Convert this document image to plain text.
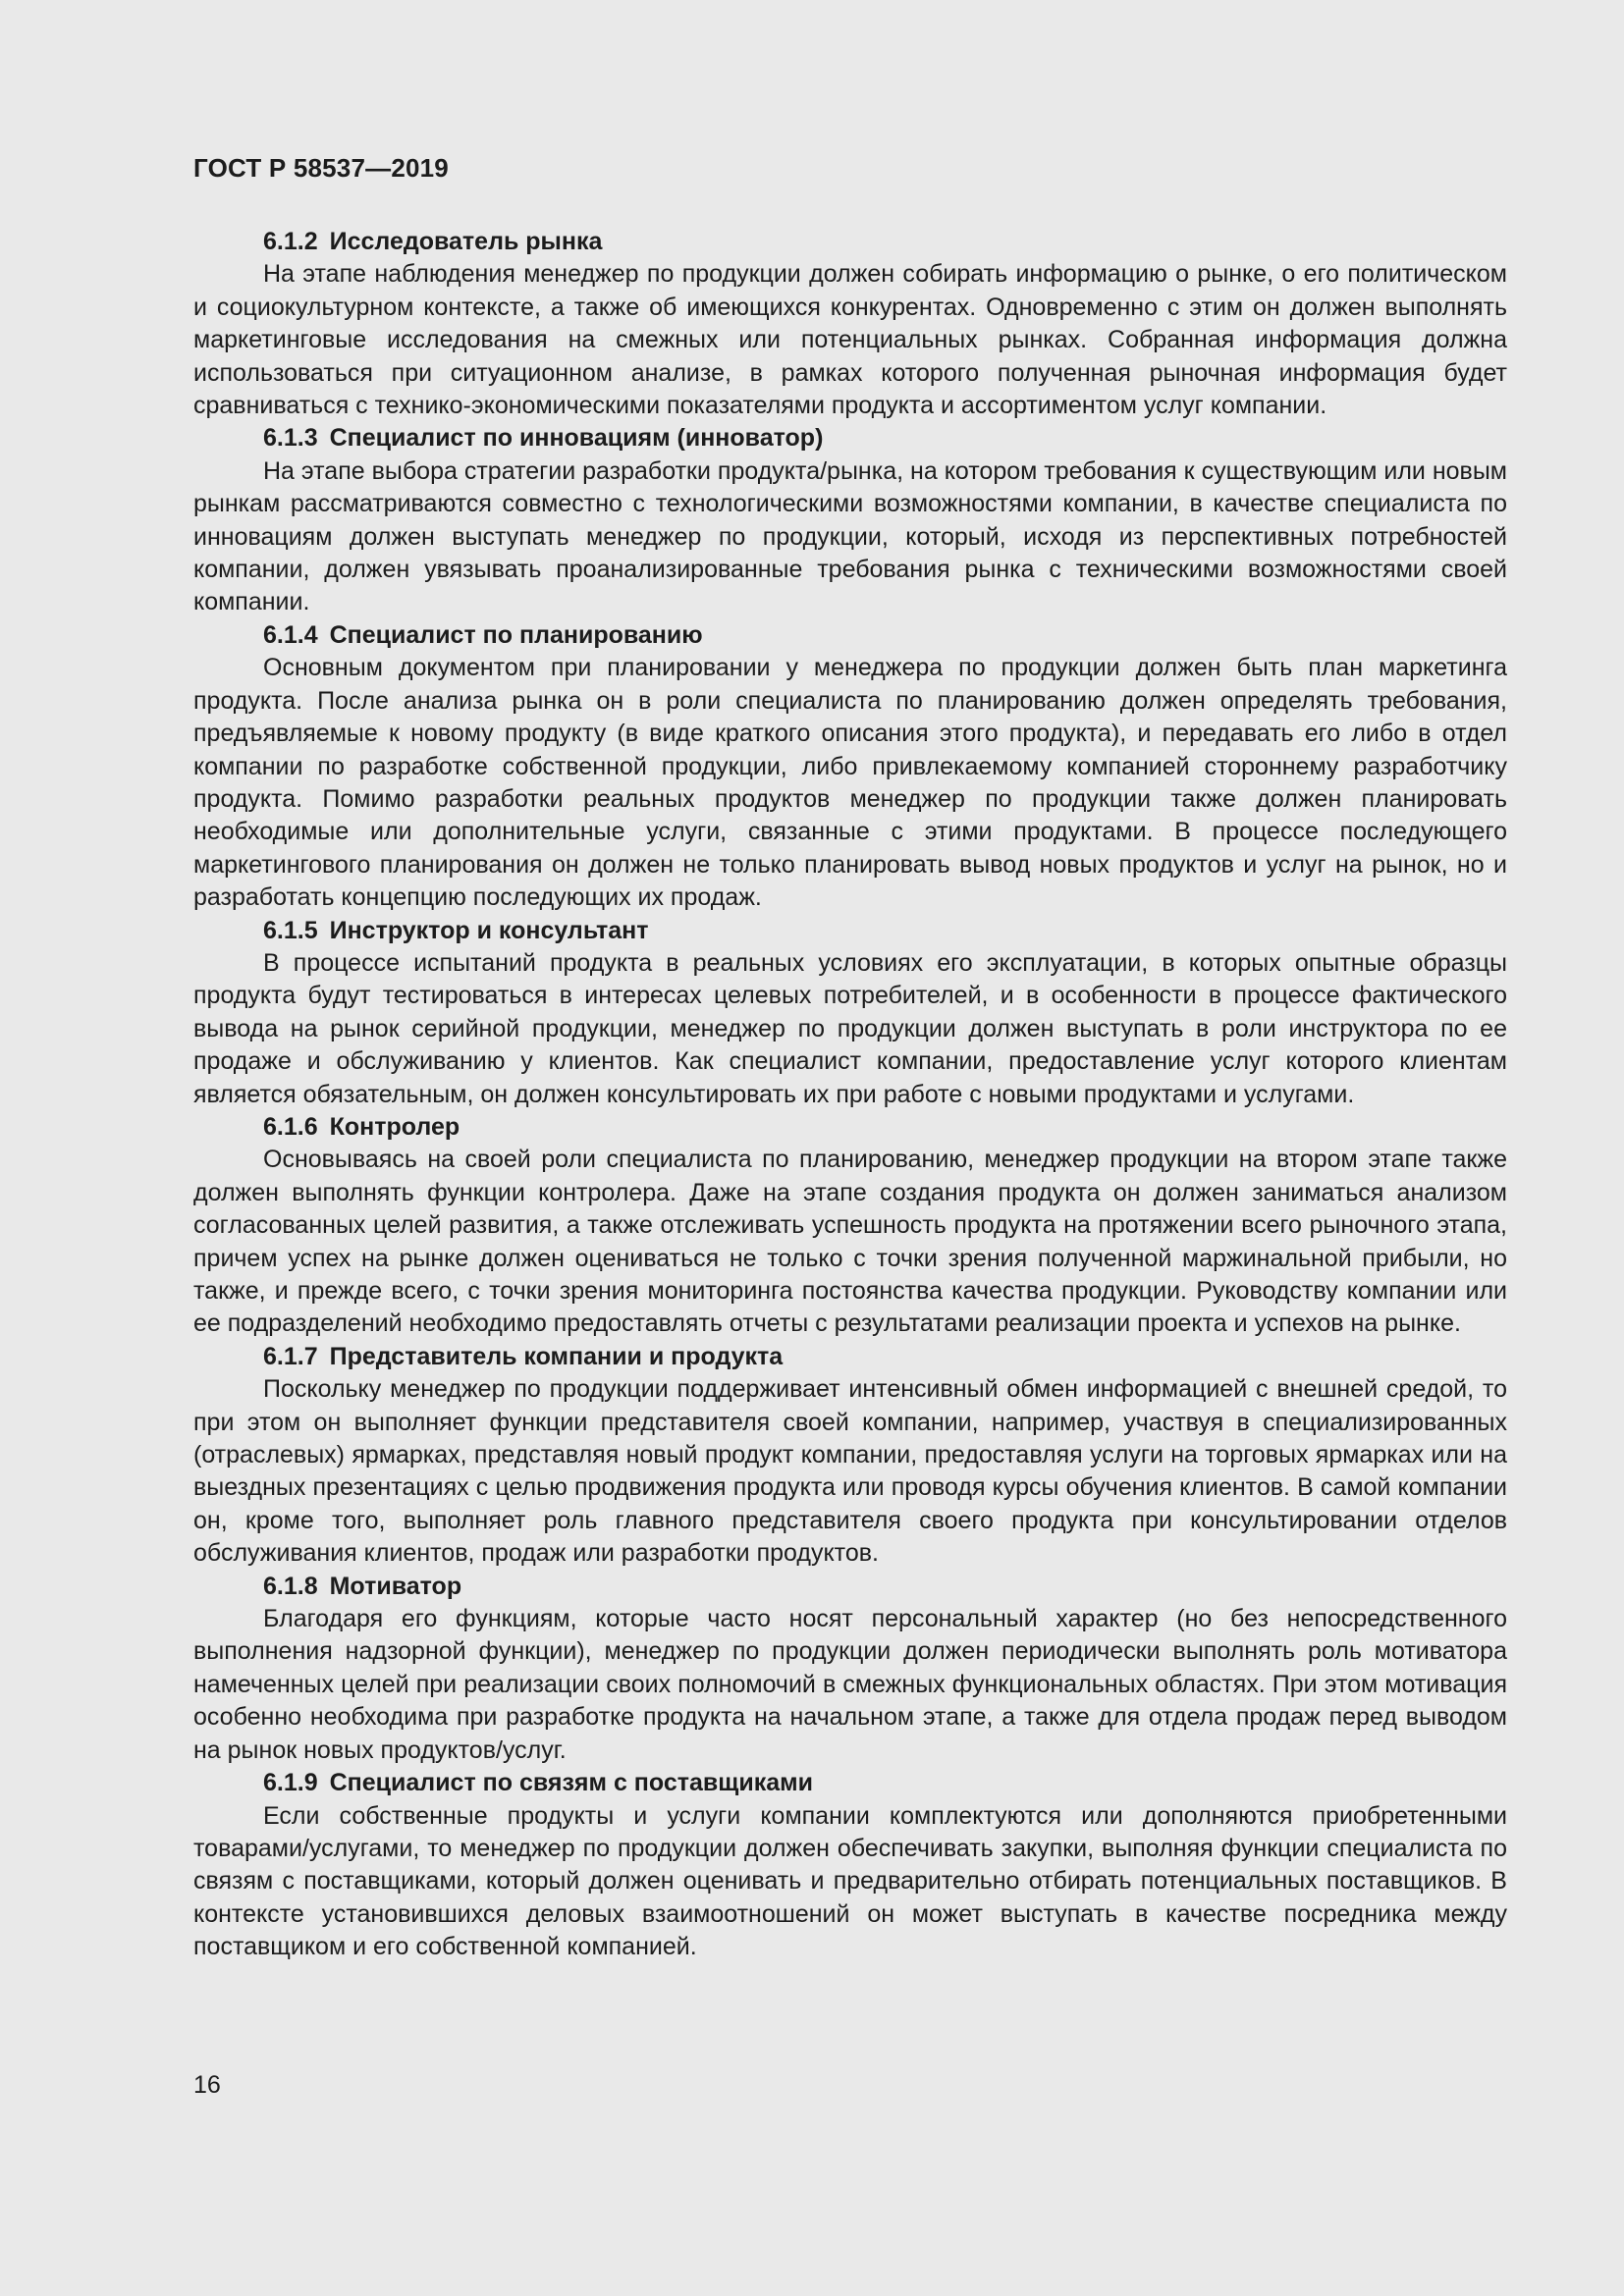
ГОСТ Р 58537—2019

6.1.2 Исследователь рынка

На этапе наблюдения менеджер по продукции должен собирать информацию о рынке, о его политическом и социокультурном контексте, а также об имеющихся конкурентах. Одновременно с этим он должен выполнять маркетинговые исследования на смежных или потенциальных рынках. Собранная информация должна использоваться при ситуационном анализе, в рамках которого полученная рыночная информация будет сравниваться с технико-экономическими показателями продукта и ассортиментом услуг компании.

6.1.3 Специалист по инновациям (инноватор)

На этапе выбора стратегии разработки продукта/рынка, на котором требования к существующим или новым рынкам рассматриваются совместно с технологическими возможностями компании, в качестве специалиста по инновациям должен выступать менеджер по продукции, который, исходя из перспективных потребностей компании, должен увязывать проанализированные требования рынка с техническими возможностями своей компании.

6.1.4 Специалист по планированию

Основным документом при планировании у менеджера по продукции должен быть план маркетинга продукта. После анализа рынка он в роли специалиста по планированию должен определять требования, предъявляемые к новому продукту (в виде краткого описания этого продукта), и передавать его либо в отдел компании по разработке собственной продукции, либо привлекаемому компанией стороннему разработчику продукта. Помимо разработки реальных продуктов менеджер по продукции также должен планировать необходимые или дополнительные услуги, связанные с этими продуктами. В процессе последующего маркетингового планирования он должен не только планировать вывод новых продуктов и услуг на рынок, но и разработать концепцию последующих их продаж.

6.1.5 Инструктор и консультант

В процессе испытаний продукта в реальных условиях его эксплуатации, в которых опытные образцы продукта будут тестироваться в интересах целевых потребителей, и в особенности в процессе фактического вывода на рынок серийной продукции, менеджер по продукции должен выступать в роли инструктора по ее продаже и обслуживанию у клиентов. Как специалист компании, предоставление услуг которого клиентам является обязательным, он должен консультировать их при работе с новыми продуктами и услугами.

6.1.6 Контролер

Основываясь на своей роли специалиста по планированию, менеджер продукции на втором этапе также должен выполнять функции контролера. Даже на этапе создания продукта он должен заниматься анализом согласованных целей развития, а также отслеживать успешность продукта на протяжении всего рыночного этапа, причем успех на рынке должен оцениваться не только с точки зрения полученной маржинальной прибыли, но также, и прежде всего, с точки зрения мониторинга постоянства качества продукции. Руководству компании или ее подразделений необходимо предоставлять отчеты с результатами реализации проекта и успехов на рынке.

6.1.7 Представитель компании и продукта

Поскольку менеджер по продукции поддерживает интенсивный обмен информацией с внешней средой, то при этом он выполняет функции представителя своей компании, например, участвуя в специализированных (отраслевых) ярмарках, представляя новый продукт компании, предоставляя услуги на торговых ярмарках или на выездных презентациях с целью продвижения продукта или проводя курсы обучения клиентов. В самой компании он, кроме того, выполняет роль главного представителя своего продукта при консультировании отделов обслуживания клиентов, продаж или разработки продуктов.

6.1.8 Мотиватор

Благодаря его функциям, которые часто носят персональный характер (но без непосредственного выполнения надзорной функции), менеджер по продукции должен периодически выполнять роль мотиватора намеченных целей при реализации своих полномочий в смежных функциональных областях. При этом мотивация особенно необходима при разработке продукта на начальном этапе, а также для отдела продаж перед выводом на рынок новых продуктов/услуг.

6.1.9 Специалист по связям с поставщиками

Если собственные продукты и услуги компании комплектуются или дополняются приобретенными товарами/услугами, то менеджер по продукции должен обеспечивать закупки, выполняя функции специалиста по связям с поставщиками, который должен оценивать и предварительно отбирать потенциальных поставщиков. В контексте установившихся деловых взаимоотношений он может выступать в качестве посредника между поставщиком и его собственной компанией.

16
